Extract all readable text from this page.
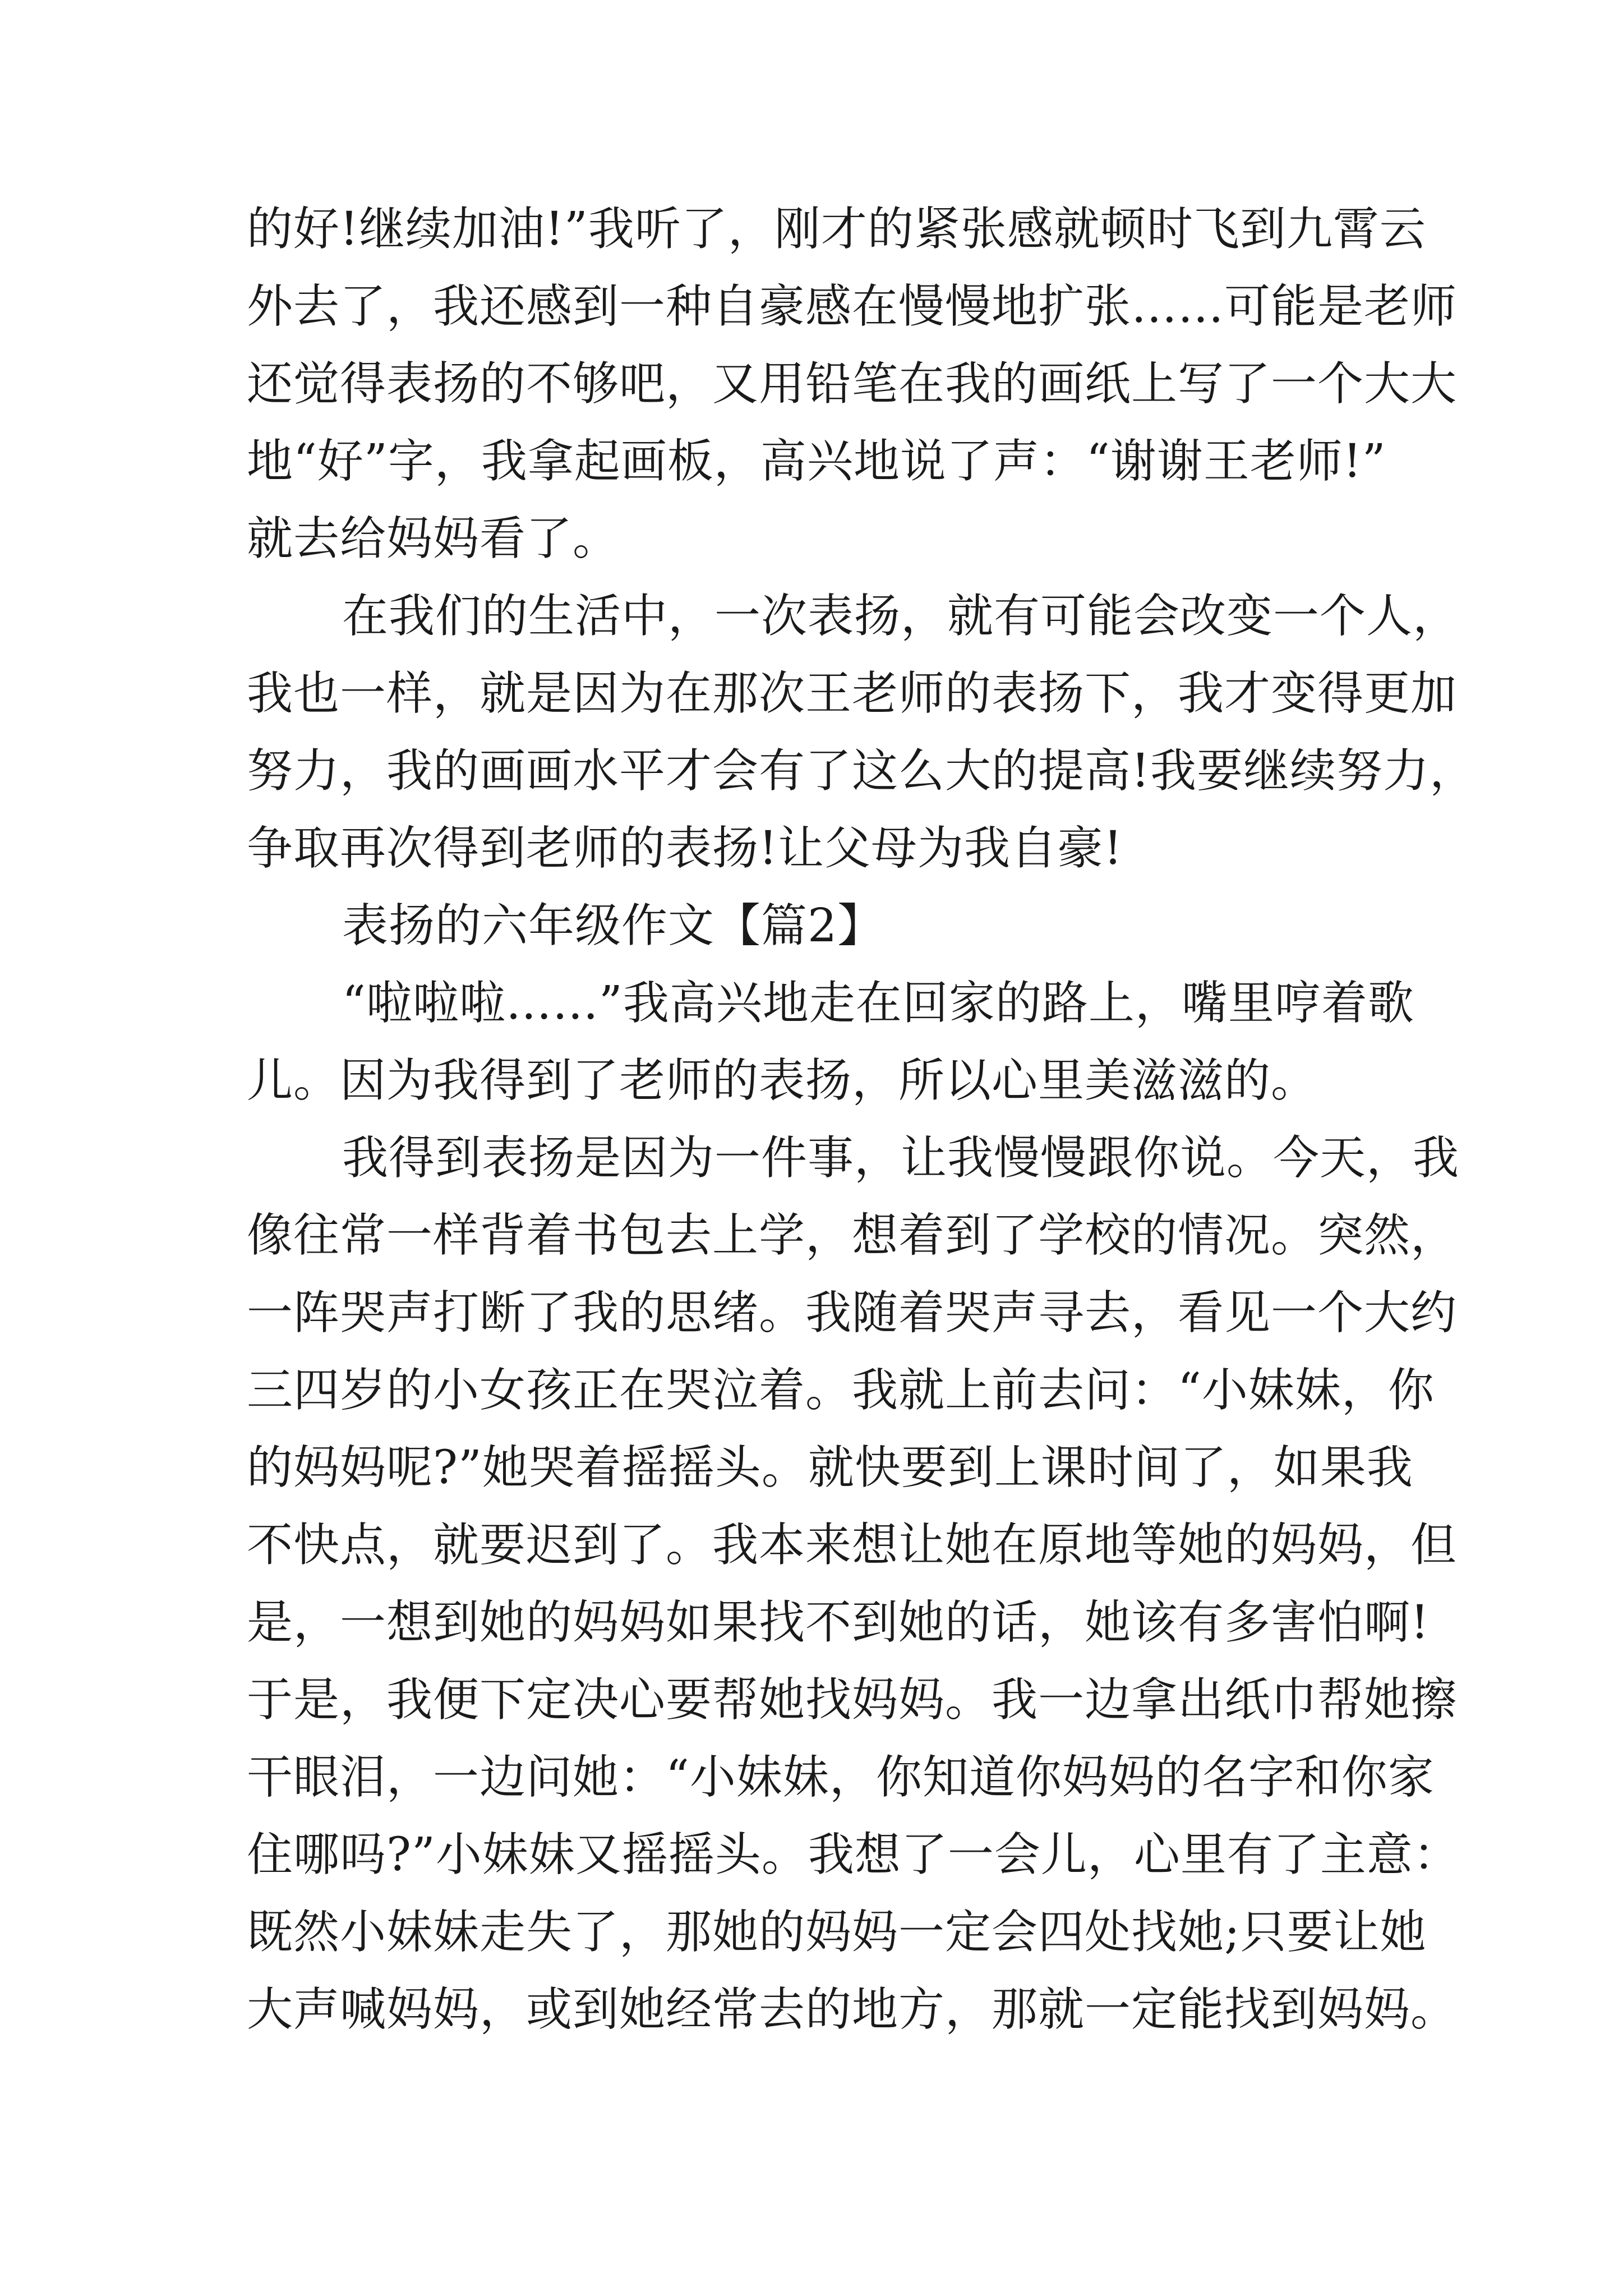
的好!继续加油!”我听了，刚才的紧张感就顿时飞到九霄云
外去了，我还感到一种自豪感在慢慢地扩张……可能是老师
还觉得表扬的不够吧，又用铅笔在我的画纸上写了一个大大
地“好”字，我拿起画板，高兴地说了声：“谢谢王老师!”
就去给妈妈看了。
在我们的生活中，一次表扬，就有可能会改变一个人，
我也一样，就是因为在那次王老师的表扬下，我才变得更加
努力，我的画画水平才会有了这么大的提高!我要继续努力，
争取再次得到老师的表扬!让父母为我自豪!
表扬的六年级作文【篇2】
“啦啦啦……”我高兴地走在回家的路上，嘴里哼着歌
儿。因为我得到了老师的表扬，所以心里美滋滋的。
我得到表扬是因为一件事，让我慢慢跟你说。今天，我
像往常一样背着书包去上学，想着到了学校的情况。突然，
一阵哭声打断了我的思绪。我随着哭声寻去，看见一个大约
三四岁的小女孩正在哭泣着。我就上前去问：“小妹妹，你
的妈妈呢?”她哭着摇摇头。就快要到上课时间了，如果我
不快点，就要迟到了。我本来想让她在原地等她的妈妈，但
是，一想到她的妈妈如果找不到她的话，她该有多害怕啊!
于是，我便下定决心要帮她找妈妈。我一边拿出纸巾帮她擦
干眼泪，一边问她：“小妹妹，你知道你妈妈的名字和你家
住哪吗?”小妹妹又摇摇头。我想了一会儿，心里有了主意：
既然小妹妹走失了，那她的妈妈一定会四处找她;只要让她
大声喊妈妈，或到她经常去的地方，那就一定能找到妈妈。
